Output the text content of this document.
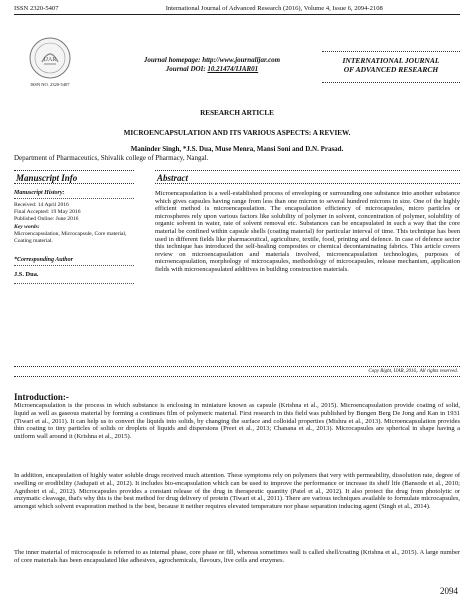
ISSN 2320-5407	International Journal of Advanced Research (2016), Volume 4, Issue 6, 2094-2108
IJAR
ISSN NO. 2320-5407
Journal homepage: http://www.journalijar.com
Journal DOI: 10.21474/IJAR01
INTERNATIONAL JOURNAL
OF ADVANCED RESEARCH
RESEARCH ARTICLE
MICROENCAPSULATION AND ITS VARIOUS ASPECTS: A REVIEW.
Maninder Singh, *J.S. Dua, Muse Menra, Mansi Soni and D.N. Prasad.
Department of Pharmaceutics, Shivalik college of Pharmacy, Nangal.
Manuscript Info	Abstract
Manuscript History:
Received: 14 April 2016
Final Accepted: 19 May 2016
Published Online: June 2016
Key words:
Microencapsulation, Microcapsule, Core material, Coating material.
*Corresponding Author
J.S. Dua.
Microencapsulation is a well-established process of enveloping or surrounding one substance into another substance which gives capsules having range from less than one micron to several hundred microns in size. One of the highly efficient method is microencapsulation. The encapsulation efficiency of microcapsules, micro particles or microspheres rely upon various factors like solubility of polymer in solvent, concentration of polymer, solubility of organic solvent in water, rate of solvent removal etc. Substances can be encapsulated in such a way that the core material be confined within capsule shells (coating material) for particular interval of time. This technique has been used in different fields like pharmaceutical, agriculture, textile, food, printing and defence. In case of defence sector this technique has introduced the self-healing composites or chemical decontaminating fabrics. This article covers review on microencapsulation and materials involved, microencapsulation technologies, purposes of microencapsulation, morphology of microcapsules, methodology of microcapsules, release mechanism, application fields with microencapsulated additives in building construction materials.
Copy Right, IJAR, 2016,. All rights reserved.
Introduction:-
Microencapsulation is the process in which substance is enclosing in miniature known as capsule (Krishna et al., 2015). Microencapsulation provide coating of solid, liquid as well as gaseous material by forming a continues film of polymeric material. First research in this field was published by Bungen Berg De Jong and Kan in 1931 (Tiwari et al., 2011). It can help us to convert the liquids into solids, by changing the surface and colloidal properties (Mishra et al., 2013). Microencapsulation provides thin coating to tiny particles of solids or droplets of liquids and dispersions (Preet et al., 2013; Chanana et al., 2013). Microcapsules are spherical in shape having a uniform wall around it (Krishna et al., 2015).
In addition, encapsulation of highly water soluble drugs received much attention. These symptoms rely on polymers that very with permeability, dissolution rate, degree of swelling or erodibility (Jadupati et al., 2012). It includes bio-encapsulation which can be used to improve the performance or increase its shelf life (Bansode et al., 2010; Agnihotri et al., 2012). Microcapsules provides a constant release of the drug in therapeutic quantity (Patel et al., 2012). It also protect the drug from photolytic or enzymatic cleavage, that's why this is the best method for drug delivery of protein (Tiwari et al., 2011). There are various techniques available to formulate microcapsules, amongst which solvent evaporation method is the best, because it neither requires elevated temperature nor phase separation inducing agent (Singh et al., 2014).
The inner material of microcapsule is referred to as internal phase, core phase or fill, whereas sometimes wall is called shell/coating (Krishna et al., 2015). A large number of core materials has been encapsulated like adhesives, agrochemicals, flavours, live cells and enzymes.
2094
